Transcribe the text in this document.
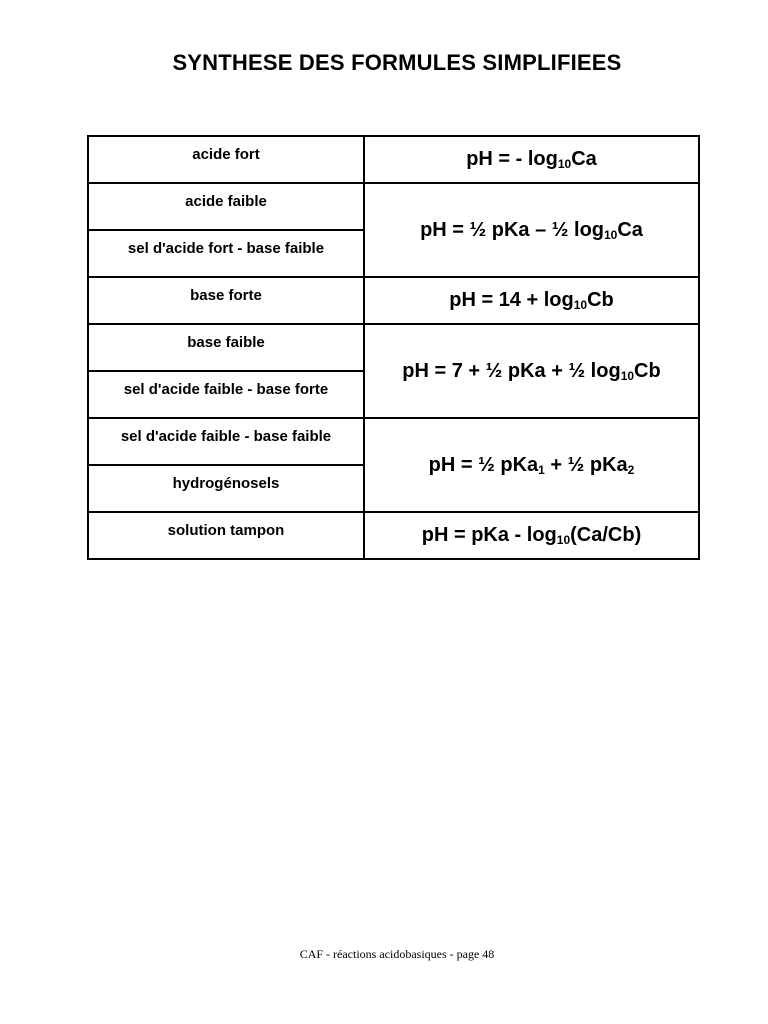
SYNTHESE DES FORMULES SIMPLIFIEES
acide fort	pH = - $\log_{10}Ca$
acide faible	pH = ½ pKa – ½ $\log_{10}Ca$
sel d'acide fort - base faible	
base forte	pH = $14 + \log_{10}Cb$
base faible	pH = 7 + ½ pKa + ½ $\log_{10}Cb$
sel d'acide faible - base forte	
sel d'acide faible - base faible	pH = ½ pKa$_1$ + ½ pKa$_2$
hydrogénosels	
solution tampon	pH = pKa - $\log_{10}(Ca/Cb)$
CAF - réactions acidobasiques - page 48
